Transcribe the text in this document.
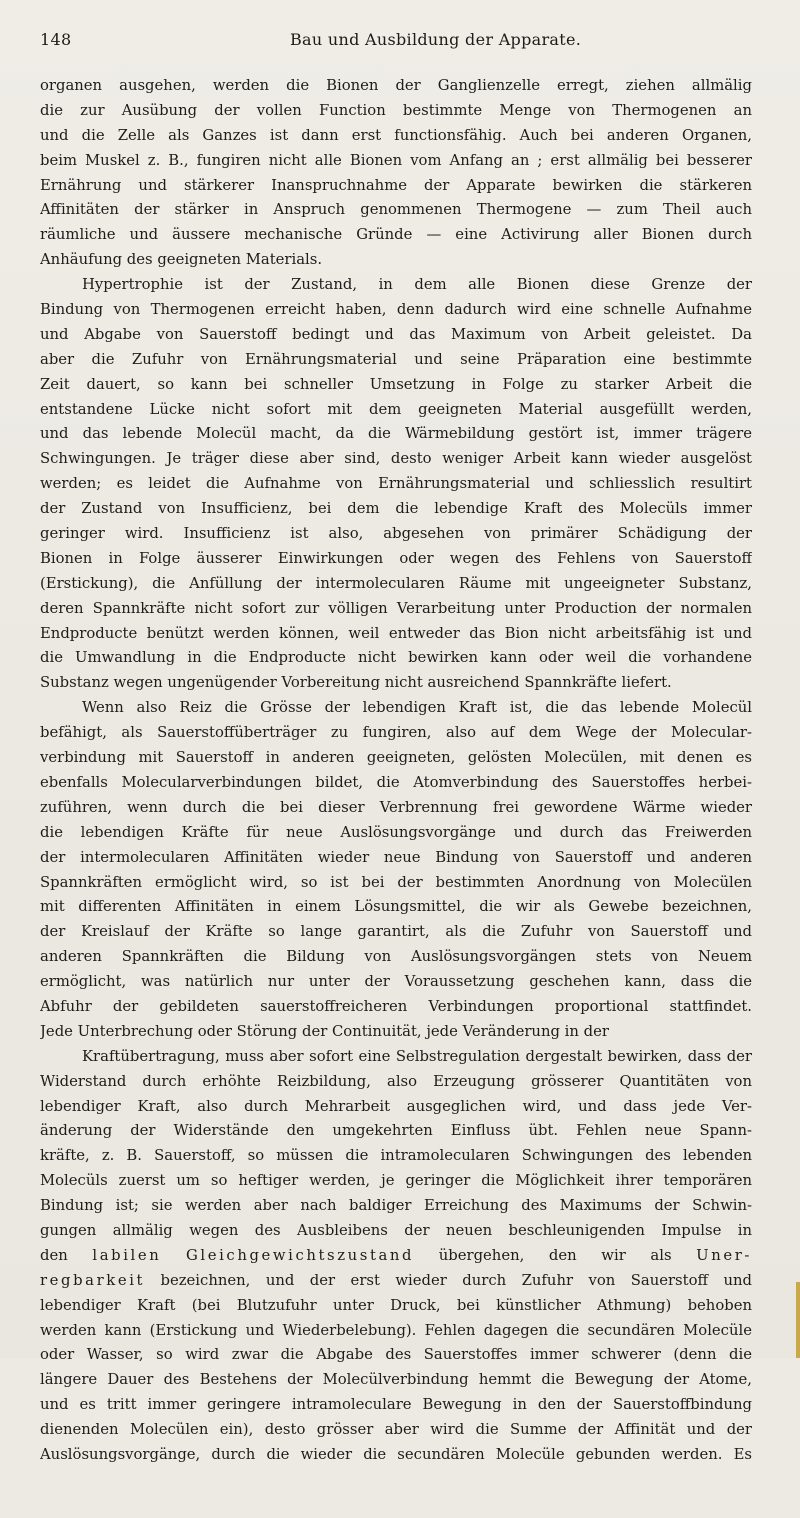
148	Bau und Ausbildung der Apparate.
organen ausgehen, werden die Bionen der Ganglienzelle erregt, ziehen allmälig
die zur Ausübung der vollen Function bestimmte Menge von Thermogenen an
und die Zelle als Ganzes ist dann erst functionsfähig. Auch bei anderen Organen,
beim Muskel z. B., fungiren nicht alle Bionen vom Anfang an ; erst allmälig bei besserer
Ernährung und stärkerer Inanspruchnahme der Apparate bewirken die stärkeren
Affinitäten der stärker in Anspruch genommenen Thermogene — zum Theil auch
räumliche und äussere mechanische Gründe — eine Activirung aller Bionen durch
Anhäufung des geeigneten Materials.
Hypertrophie ist der Zustand, in dem alle Bionen diese Grenze der
Bindung von Thermogenen erreicht haben, denn dadurch wird eine schnelle Aufnahme
und Abgabe von Sauerstoff bedingt und das Maximum von Arbeit geleistet. Da
aber die Zufuhr von Ernährungsmaterial und seine Präparation eine bestimmte
Zeit dauert, so kann bei schneller Umsetzung in Folge zu starker Arbeit die
entstandene Lücke nicht sofort mit dem geeigneten Material ausgefüllt werden,
und das lebende Molecül macht, da die Wärmebildung gestört ist, immer trägere
Schwingungen. Je träger diese aber sind, desto weniger Arbeit kann wieder ausgelöst
werden; es leidet die Aufnahme von Ernährungsmaterial und schliesslich resultirt
der Zustand von Insufficienz, bei dem die lebendige Kraft des Molecüls immer
geringer wird. Insufficienz ist also, abgesehen von primärer Schädigung der
Bionen in Folge äusserer Einwirkungen oder wegen des Fehlens von Sauerstoff
(Erstickung), die Anfüllung der intermolecularen Räume mit ungeeigneter Substanz,
deren Spannkräfte nicht sofort zur völligen Verarbeitung unter Production der normalen
Endproducte benützt werden können, weil entweder das Bion nicht arbeitsfähig ist und
die Umwandlung in die Endproducte nicht bewirken kann oder weil die vorhandene
Substanz wegen ungenügender Vorbereitung nicht ausreichend Spannkräfte liefert.
Wenn also Reiz die Grösse der lebendigen Kraft ist, die das lebende Molecül
befähigt, als Sauerstoffüberträger zu fungiren, also auf dem Wege der Molecular-
verbindung mit Sauerstoff in anderen geeigneten, gelösten Molecülen, mit denen es
ebenfalls Molecularverbindungen bildet, die Atomverbindung des Sauerstoffes herbei-
zuführen, wenn durch die bei dieser Verbrennung frei gewordene Wärme wieder
die lebendigen Kräfte für neue Auslösungsvorgänge und durch das Freiwerden
der intermolecularen Affinitäten wieder neue Bindung von Sauerstoff und anderen
Spannkräften ermöglicht wird, so ist bei der bestimmten Anordnung von Molecülen
mit differenten Affinitäten in einem Lösungsmittel, die wir als Gewebe bezeichnen,
der Kreislauf der Kräfte so lange garantirt, als die Zufuhr von Sauerstoff und
anderen Spannkräften die Bildung von Auslösungsvorgängen stets von Neuem
ermöglicht, was natürlich nur unter der Voraussetzung geschehen kann, dass die
Abfuhr der gebildeten sauerstoffreicheren Verbindungen proportional stattfindet.
Jede Unterbrechung oder Störung der Continuität, jede Veränderung in der
Kraftübertragung, muss aber sofort eine Selbstregulation dergestalt bewirken, dass der
Widerstand durch erhöhte Reizbildung, also Erzeugung grösserer Quantitäten von
lebendiger Kraft, also durch Mehrarbeit ausgeglichen wird, und dass jede Ver-
änderung der Widerstände den umgekehrten Einfluss übt. Fehlen neue Spann-
kräfte, z. B. Sauerstoff, so müssen die intramolecularen Schwingungen des lebenden
Molecüls zuerst um so heftiger werden, je geringer die Möglichkeit ihrer temporären
Bindung ist; sie werden aber nach baldiger Erreichung des Maximums der Schwin-
gungen allmälig wegen des Ausbleibens der neuen beschleunigenden Impulse in
den labilen Gleichgewichtszustand übergehen, den wir als Uner-
regbarkeit bezeichnen, und der erst wieder durch Zufuhr von Sauerstoff und
lebendiger Kraft (bei Blutzufuhr unter Druck, bei künstlicher Athmung) behoben
werden kann (Erstickung und Wiederbelebung). Fehlen dagegen die secundären Molecüle
oder Wasser, so wird zwar die Abgabe des Sauerstoffes immer schwerer (denn die
längere Dauer des Bestehens der Molecülverbindung hemmt die Bewegung der Atome,
und es tritt immer geringere intramoleculare Bewegung in den der Sauerstoffbindung
dienenden Molecülen ein), desto grösser aber wird die Summe der Affinität und der
Auslösungsvorgänge, durch die wieder die secundären Molecüle gebunden werden. Es
